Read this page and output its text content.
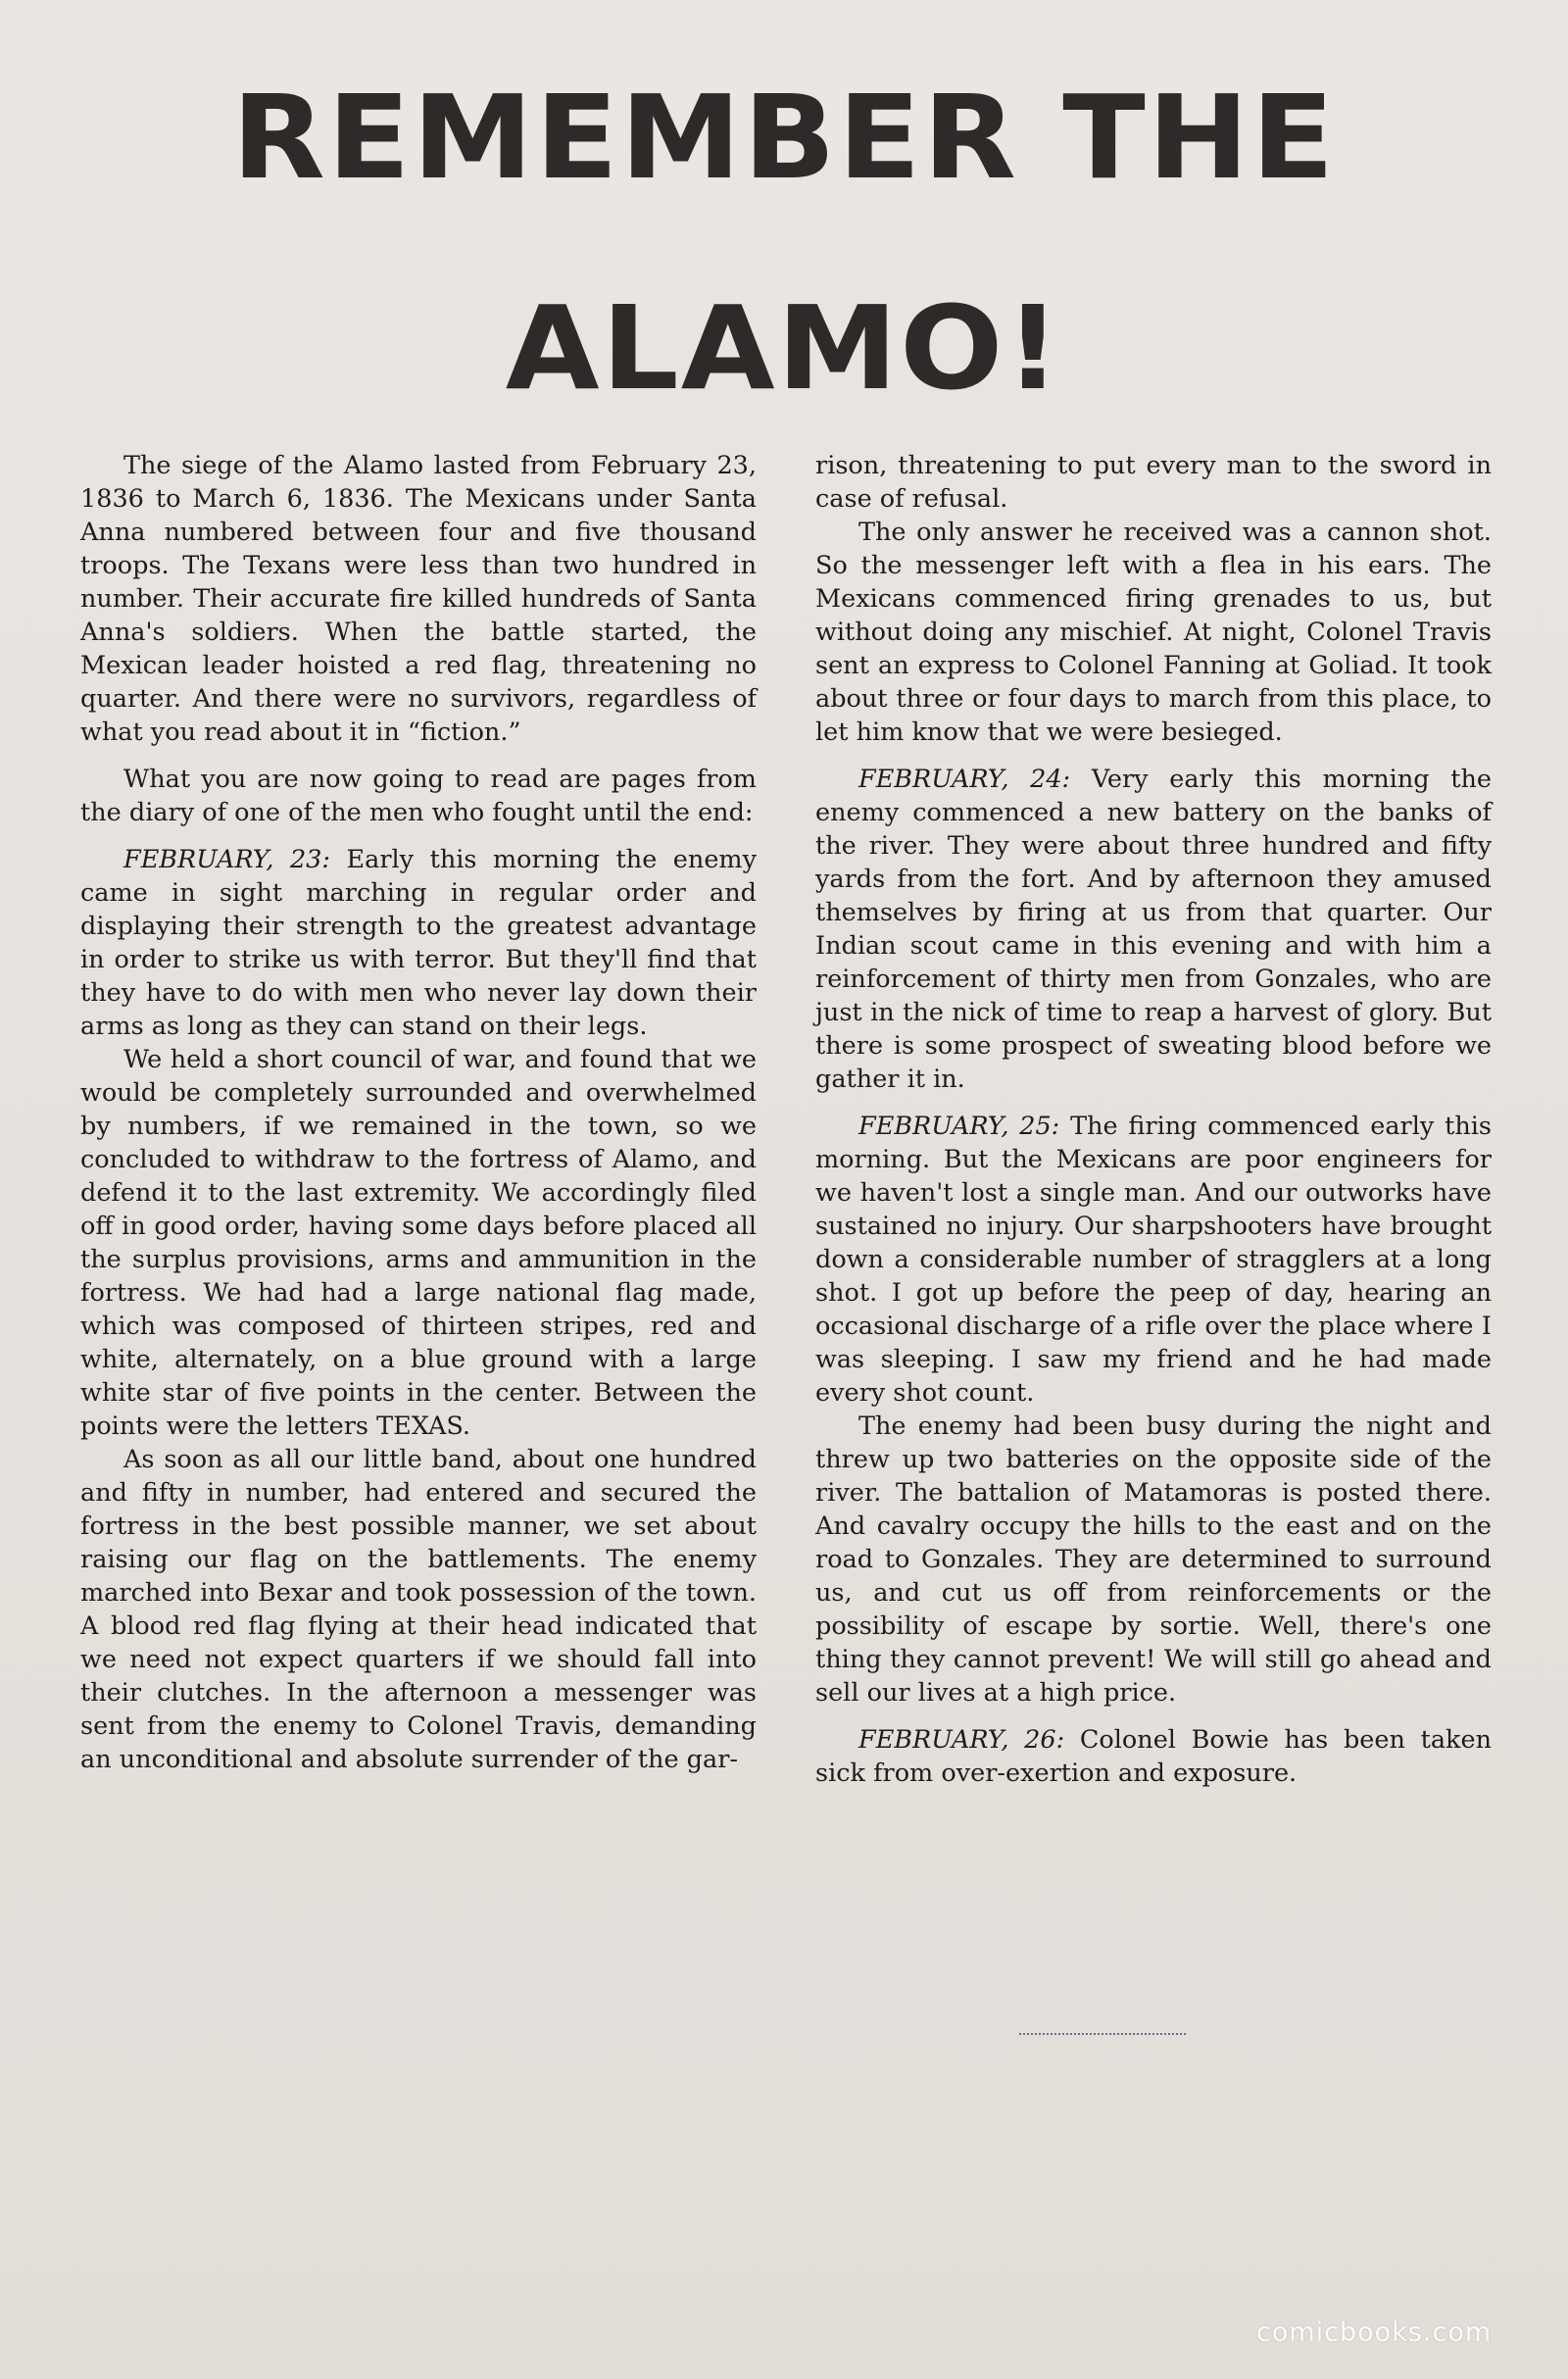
REMEMBER THE
ALAMO!

The siege of the Alamo lasted from February 23, 1836 to March 6, 1836. The Mexicans under Santa Anna numbered between four and five thousand troops. The Texans were less than two hundred in number. Their accurate fire killed hundreds of Santa Anna's soldiers. When the battle started, the Mexican leader hoisted a red flag, threatening no quarter. And there were no survivors, regardless of what you read about it in “fiction.”

What you are now going to read are pages from the diary of one of the men who fought until the end:

FEBRUARY, 23: Early this morning the enemy came in sight marching in regular order and displaying their strength to the greatest advantage in order to strike us with terror. But they'll find that they have to do with men who never lay down their arms as long as they can stand on their legs.

We held a short council of war, and found that we would be completely surrounded and overwhelmed by numbers, if we remained in the town, so we concluded to withdraw to the fortress of Alamo, and defend it to the last extremity. We accordingly filed off in good order, having some days before placed all the surplus provisions, arms and ammunition in the fortress. We had had a large national flag made, which was composed of thirteen stripes, red and white, alternately, on a blue ground with a large white star of five points in the center. Between the points were the letters TEXAS.

As soon as all our little band, about one hundred and fifty in number, had entered and secured the fortress in the best possible manner, we set about raising our flag on the battlements. The enemy marched into Bexar and took possession of the town. A blood red flag flying at their head indicated that we need not expect quarters if we should fall into their clutches. In the afternoon a messenger was sent from the enemy to Colonel Travis, demanding an unconditional and absolute surrender of the gar-

rison, threatening to put every man to the sword in case of refusal.

The only answer he received was a cannon shot. So the messenger left with a flea in his ears. The Mexicans commenced firing grenades to us, but without doing any mischief. At night, Colonel Travis sent an express to Colonel Fanning at Goliad. It took about three or four days to march from this place, to let him know that we were besieged.

FEBRUARY, 24: Very early this morning the enemy commenced a new battery on the banks of the river. They were about three hundred and fifty yards from the fort. And by afternoon they amused themselves by firing at us from that quarter. Our Indian scout came in this evening and with him a reinforcement of thirty men from Gonzales, who are just in the nick of time to reap a harvest of glory. But there is some prospect of sweating blood before we gather it in.

FEBRUARY, 25: The firing commenced early this morning. But the Mexicans are poor engineers for we haven't lost a single man. And our outworks have sustained no injury. Our sharpshooters have brought down a considerable number of stragglers at a long shot. I got up before the peep of day, hearing an occasional discharge of a rifle over the place where I was sleeping. I saw my friend and he had made every shot count.

The enemy had been busy during the night and threw up two batteries on the opposite side of the river. The battalion of Matamoras is posted there. And cavalry occupy the hills to the east and on the road to Gonzales. They are determined to surround us, and cut us off from reinforcements or the possibility of escape by sortie. Well, there's one thing they cannot prevent! We will still go ahead and sell our lives at a high price.

FEBRUARY, 26: Colonel Bowie has been taken sick from over-exertion and exposure.

comicbooks.com
